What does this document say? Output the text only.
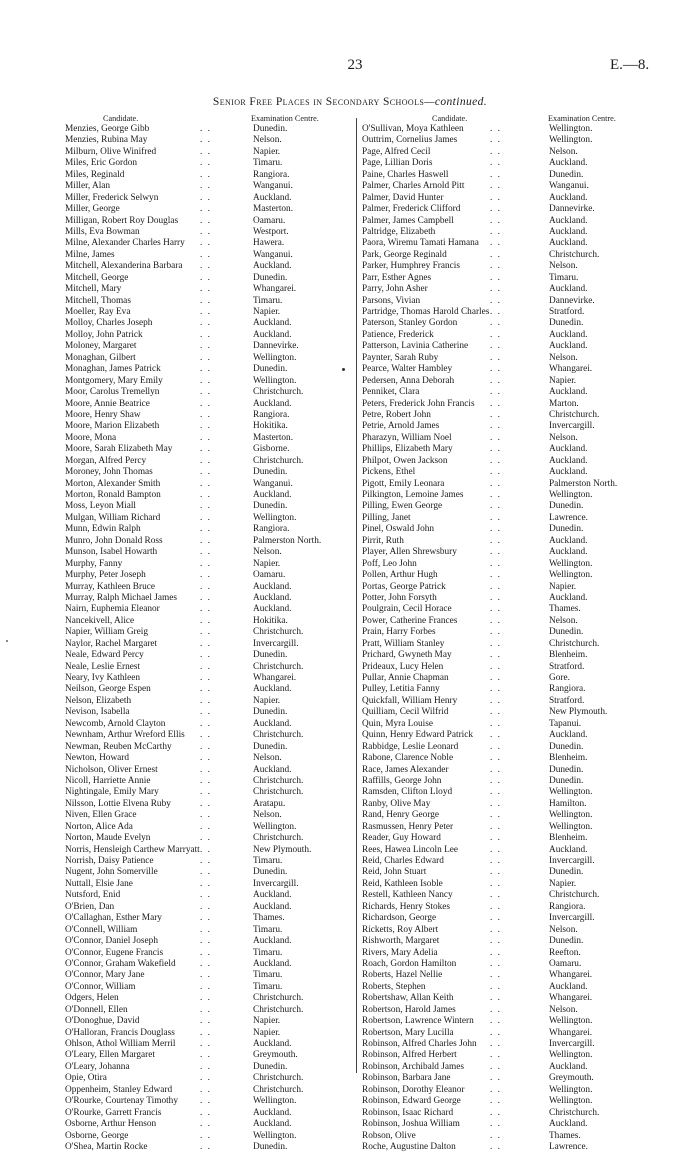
23	E.—8.
Senior Free Places in Secondary Schools—continued.
Candidate.	Examination Centre.
Menzies, George Gibb	. .	Dunedin.
Menzies, Rubina May	. .	Nelson.
Milburn, Olive Winifred	. .	Napier.
Miles, Eric Gordon	. .	Timaru.
Miles, Reginald	. .	Rangiora.
Miller, Alan	. .	Wanganui.
Miller, Frederick Selwyn	. .	Auckland.
Miller, George	. .	Masterton.
Milligan, Robert Roy Douglas . .	Oamaru.
Mills, Eva Bowman	. .	Westport.
Milne, Alexander Charles Harry . .	Hawera.
Milne, James	. .	Wanganui.
Mitchell, Alexanderina Barbara . .	Auckland.
Mitchell, George	. .	Dunedin.
Mitchell, Mary	. .	Whangarei.
Mitchell, Thomas	. .	Timaru.
Moeller, Ray Eva	. .	Napier.
Molloy, Charles Joseph	. .	Auckland.
Molloy, John Patrick	. .	Auckland.
Moloney, Margaret	. .	Dannevirke.
Monaghan, Gilbert	. .	Wellington.
Monaghan, James Patrick	. .	Dunedin.
Montgomery, Mary Emily	. .	Wellington.
Moor, Carolus Tremellyn	. .	Christchurch.
Moore, Annie Beatrice	. .	Auckland.
Moore, Henry Shaw	. .	Rangiora.
Moore, Marion Elizabeth	. .	Hokitika.
Moore, Mona	. .	Masterton.
Moore, Sarah Elizabeth May	. .	Gisborne.
Morgan, Alfred Percy	. .	Christchurch.
Moroney, John Thomas	. .	Dunedin.
Morton, Alexander Smith	. .	Wanganui.
Morton, Ronald Bampton	. .	Auckland.
Moss, Leyon Miall	. .	Dunedin.
Mulgan, William Richard	. .	Wellington.
Munn, Edwin Ralph	. .	Rangiora.
Munro, John Donald Ross	. .	Palmerston North.
Munson, Isabel Howarth	. .	Nelson.
Murphy, Fanny	. .	Napier.
Murphy, Peter Joseph	. .	Oamaru.
Murray, Kathleen Bruce	. .	Auckland.
Murray, Ralph Michael James . .	Auckland.
Nairn, Euphemia Eleanor	. .	Auckland.
Nancekivell, Alice	. .	Hokitika.
Napier, William Greig	. .	Christchurch.
Naylor, Rachel Margaret	. .	Invercargill.
Neale, Edward Percy	. .	Dunedin.
Neale, Leslie Ernest	. .	Christchurch.
Neary, Ivy Kathleen	. .	Whangarei.
Neilson, George Espen	. .	Auckland.
Nelson, Elizabeth	. .	Napier.
Nevison, Isabella	. .	Dunedin.
Newcomb, Arnold Clayton	. .	Auckland.
Newnham, Arthur Wreford Ellis . .	Christchurch.
Newman, Reuben McCarthy	. .	Dunedin.
Newton, Howard	. .	Nelson.
Nicholson, Oliver Ernest	. .	Auckland.
Nicoll, Harriette Annie	. .	Christchurch.
Nightingale, Emily Mary	. .	Christchurch.
Nilsson, Lottie Elvena Ruby	. .	Aratapu.
Niven, Ellen Grace	. .	Nelson.
Norton, Alice Ada	. .	Wellington.
Norton, Maude Evelyn	. .	Christchurch.
Norris, Hensleigh Carthew Marryatt . .	New Plymouth.
Norrish, Daisy Patience	. .	Timaru.
Nugent, John Somerville	. .	Dunedin.
Nuttall, Elsie Jane	. .	Invercargill.
Nutsford, Enid	. .	Auckland.
O'Brien, Dan	. .	Auckland.
O'Callaghan, Esther Mary	. .	Thames.
O'Connell, William	. .	Timaru.
O'Connor, Daniel Joseph	. .	Auckland.
O'Connor, Eugene Francis	. .	Timaru.
O'Connor, Graham Wakefield	. .	Auckland.
O'Connor, Mary Jane	. .	Timaru.
O'Connor, William	. .	Timaru.
Odgers, Helen	. .	Christchurch.
O'Donnell, Ellen	. .	Christchurch.
O'Donoghue, David	. .	Napier.
O'Halloran, Francis Douglass	. .	Napier.
Ohlson, Athol William Merril	. .	Auckland.
O'Leary, Ellen Margaret	. .	Greymouth.
O'Leary, Johanna	. .	Dunedin.
Opie, Otira	. .	Christchurch.
Oppenheim, Stanley Edward	. .	Christchurch.
O'Rourke, Courtenay Timothy . .	Wellington.
O'Rourke, Garrett Francis	. .	Auckland.
Osborne, Arthur Henson	. .	Auckland.
Osborne, George	. .	Wellington.
O'Shea, Martin Rocke	. .	Dunedin.
Candidate.	Examination Centre.
O'Sullivan, Moya Kathleen	. .	Wellington.
Outtrim, Cornelius James	. .	Wellington.
Page, Alfred Cecil	. .	Nelson.
Page, Lillian Doris	. .	Auckland.
Paine, Charles Haswell	. .	Dunedin.
Palmer, Charles Arnold Pitt	. .	Wanganui.
Palmer, David Hunter	. .	Auckland.
Palmer, Frederick Clifford	. .	Dannevirke.
Palmer, James Campbell	. .	Auckland.
Paltridge, Elizabeth	. .	Auckland.
Paora, Wiremu Tamati Hamana . .	Auckland.
Park, George Reginald	. .	Christchurch.
Parker, Humphrey Francis	. .	Nelson.
Parr, Esther Agnes	. .	Timaru.
Parry, John Asher	. .	Auckland.
Parsons, Vivian	. .	Dannevirke.
Partridge, Thomas Harold Charles . .	Stratford.
Paterson, Stanley Gordon	. .	Dunedin.
Patience, Frederick	. .	Auckland.
Patterson, Lavinia Catherine . .	Auckland.
Paynter, Sarah Ruby	. .	Nelson.
Pearce, Walter Hambley	. .	Whangarei.
Pedersen, Anna Deborah	. .	Napier.
Penniket, Clara	. .	Auckland.
Peters, Frederick John Francis . .	Marton.
Petre, Robert John	. .	Christchurch.
Petrie, Arnold James	. .	Invercargill.
Pharazyn, William Noel	. .	Nelson.
Phillips, Elizabeth Mary	. .	Auckland.
Philpot, Owen Jackson	. .	Auckland.
Pickens, Ethel	. .	Auckland.
Pigott, Emily Leonara	. .	Palmerston North.
Pilkington, Lemoine James	. .	Wellington.
Pilling, Ewen George	. .	Dunedin.
Pilling, Janet	. .	Lawrence.
Pinel, Oswald John	. .	Dunedin.
Pirrit, Ruth	. .	Auckland.
Player, Allen Shrewsbury	. .	Auckland.
Poff, Leo John	. .	Wellington.
Pollen, Arthur Hugh	. .	Wellington.
Portas, George Patrick	. .	Napier.
Potter, John Forsyth	. .	Auckland.
Poulgrain, Cecil Horace	. .	Thames.
Power, Catherine Frances	. .	Nelson.
Prain, Harry Forbes	. .	Dunedin.
Pratt, William Stanley	. .	Christchurch.
Prichard, Gwyneth May	. .	Blenheim.
Prideaux, Lucy Helen	. .	Stratford.
Pullar, Annie Chapman	. .	Gore.
Pulley, Letitia Fanny	. .	Rangiora.
Quickfall, William Henry	. .	Stratford.
Quilliam, Cecil Wilfrid	. .	New Plymouth.
Quin, Myra Louise	. .	Tapanui.
Quinn, Henry Edward Patrick . .	Auckland.
Rabbidge, Leslie Leonard	. .	Dunedin.
Rabone, Clarence Noble	. .	Blenheim.
Race, James Alexander	. .	Dunedin.
Raffills, George John	. .	Dunedin.
Ramsden, Clifton Lloyd	. .	Wellington.
Ranby, Olive May	. .	Hamilton.
Rand, Henry George	. .	Wellington.
Rasmussen, Henry Peter	. .	Wellington.
Reader, Guy Howard	. .	Blenheim.
Rees, Hawea Lincoln Lee	. .	Auckland.
Reid, Charles Edward	. .	Invercargill.
Reid, John Stuart	. .	Dunedin.
Reid, Kathleen Isoble	. .	Napier.
Restell, Kathleen Nancy	. .	Christchurch.
Richards, Henry Stokes	. .	Rangiora.
Richardson, George	. .	Invercargill.
Ricketts, Roy Albert	. .	Nelson.
Rishworth, Margaret	. .	Dunedin.
Rivers, Mary Adelia	. .	Reefton.
Roach, Gordon Hamilton	. .	Oamaru.
Roberts, Hazel Nellie	. .	Whangarei.
Roberts, Stephen	. .	Auckland.
Robertshaw, Allan Keith	. .	Whangarei.
Robertson, Harold James	. .	Nelson.
Robertson, Lawrence Wintern . .	Wellington.
Robertson, Mary Lucilla	. .	Whangarei.
Robinson, Alfred Charles John . .	Invercargill.
Robinson, Alfred Herbert	. .	Wellington.
Robinson, Archibald James	. .	Auckland.
Robinson, Barbara Jane	. .	Greymouth.
Robinson, Dorothy Eleanor	. .	Wellington.
Robinson, Edward George	. .	Wellington.
Robinson, Isaac Richard	. .	Christchurch.
Robinson, Joshua William	. .	Auckland.
Robson, Olive	. .	Thames.
Roche, Augustine Dalton	. .	Lawrence.
